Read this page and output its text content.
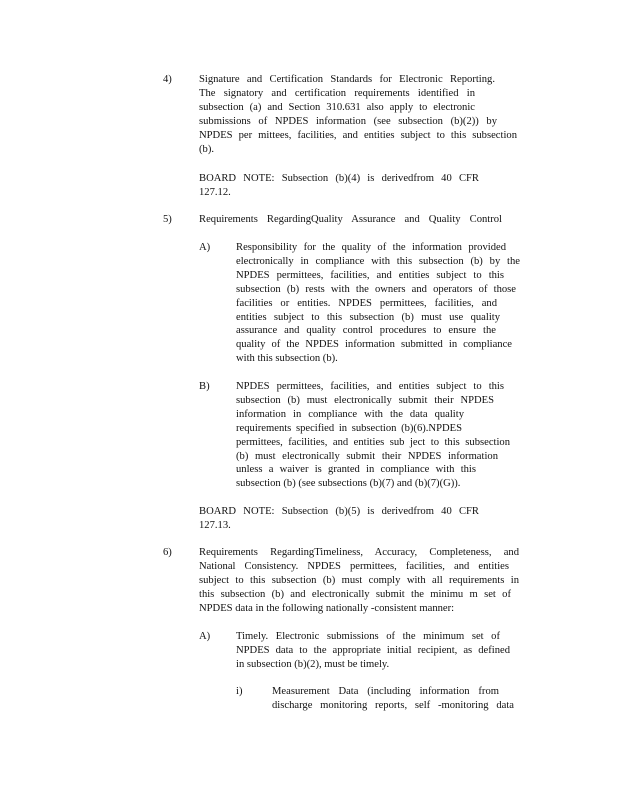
4)	Signature and Certification Standards for Electronic Reporting.
The signatory and certification requirements identified in
subsection (a) and Section 310.631 also apply to electronic
submissions of NPDES information (see subsection (b)(2)) by
NPDES per mittees, facilities, and entities subject to this subsection
(b).
BOARD NOTE: Subsection (b)(4) is derivedfrom 40 CFR
127.12.
5)	Requirements RegardingQuality Assurance and Quality Control
A) Responsibility for the quality of the information provided
electronically in compliance with this subsection (b) by the
NPDES permittees, facilities, and entities subject to this
subsection (b) rests with the owners and operators of those
facilities or entities. NPDES permittees, facilities, and
entities subject to this subsection (b) must use quality
assurance and quality control procedures to ensure the
quality of the NPDES information submitted in compliance
with this subsection (b).
B) NPDES permittees, facilities, and entities subject to this
subsection (b) must electronically submit their NPDES
information in compliance with the data quality
requirements specified in subsection (b)(6).NPDES
permittees, facilities, and entities sub ject to this subsection
(b) must electronically submit their NPDES information
unless a waiver is granted in compliance with this
subsection (b) (see subsections (b)(7) and (b)(7)(G)).
BOARD NOTE: Subsection (b)(5) is derivedfrom 40 CFR
127.13.
6)	Requirements RegardingTimeliness, Accuracy, Completeness, and
National Consistency. NPDES permittees, facilities, and entities
subject to this subsection (b) must comply with all requirements in
this subsection (b) and electronically submit the minimu m set of
NPDES data in the following nationally -consistent manner:
A) Timely. Electronic submissions of the minimum set of
NPDES data to the appropriate initial recipient, as defined
in subsection (b)(2), must be timely.
i)	Measurement Data (including information from
discharge monitoring reports, self -monitoring data
